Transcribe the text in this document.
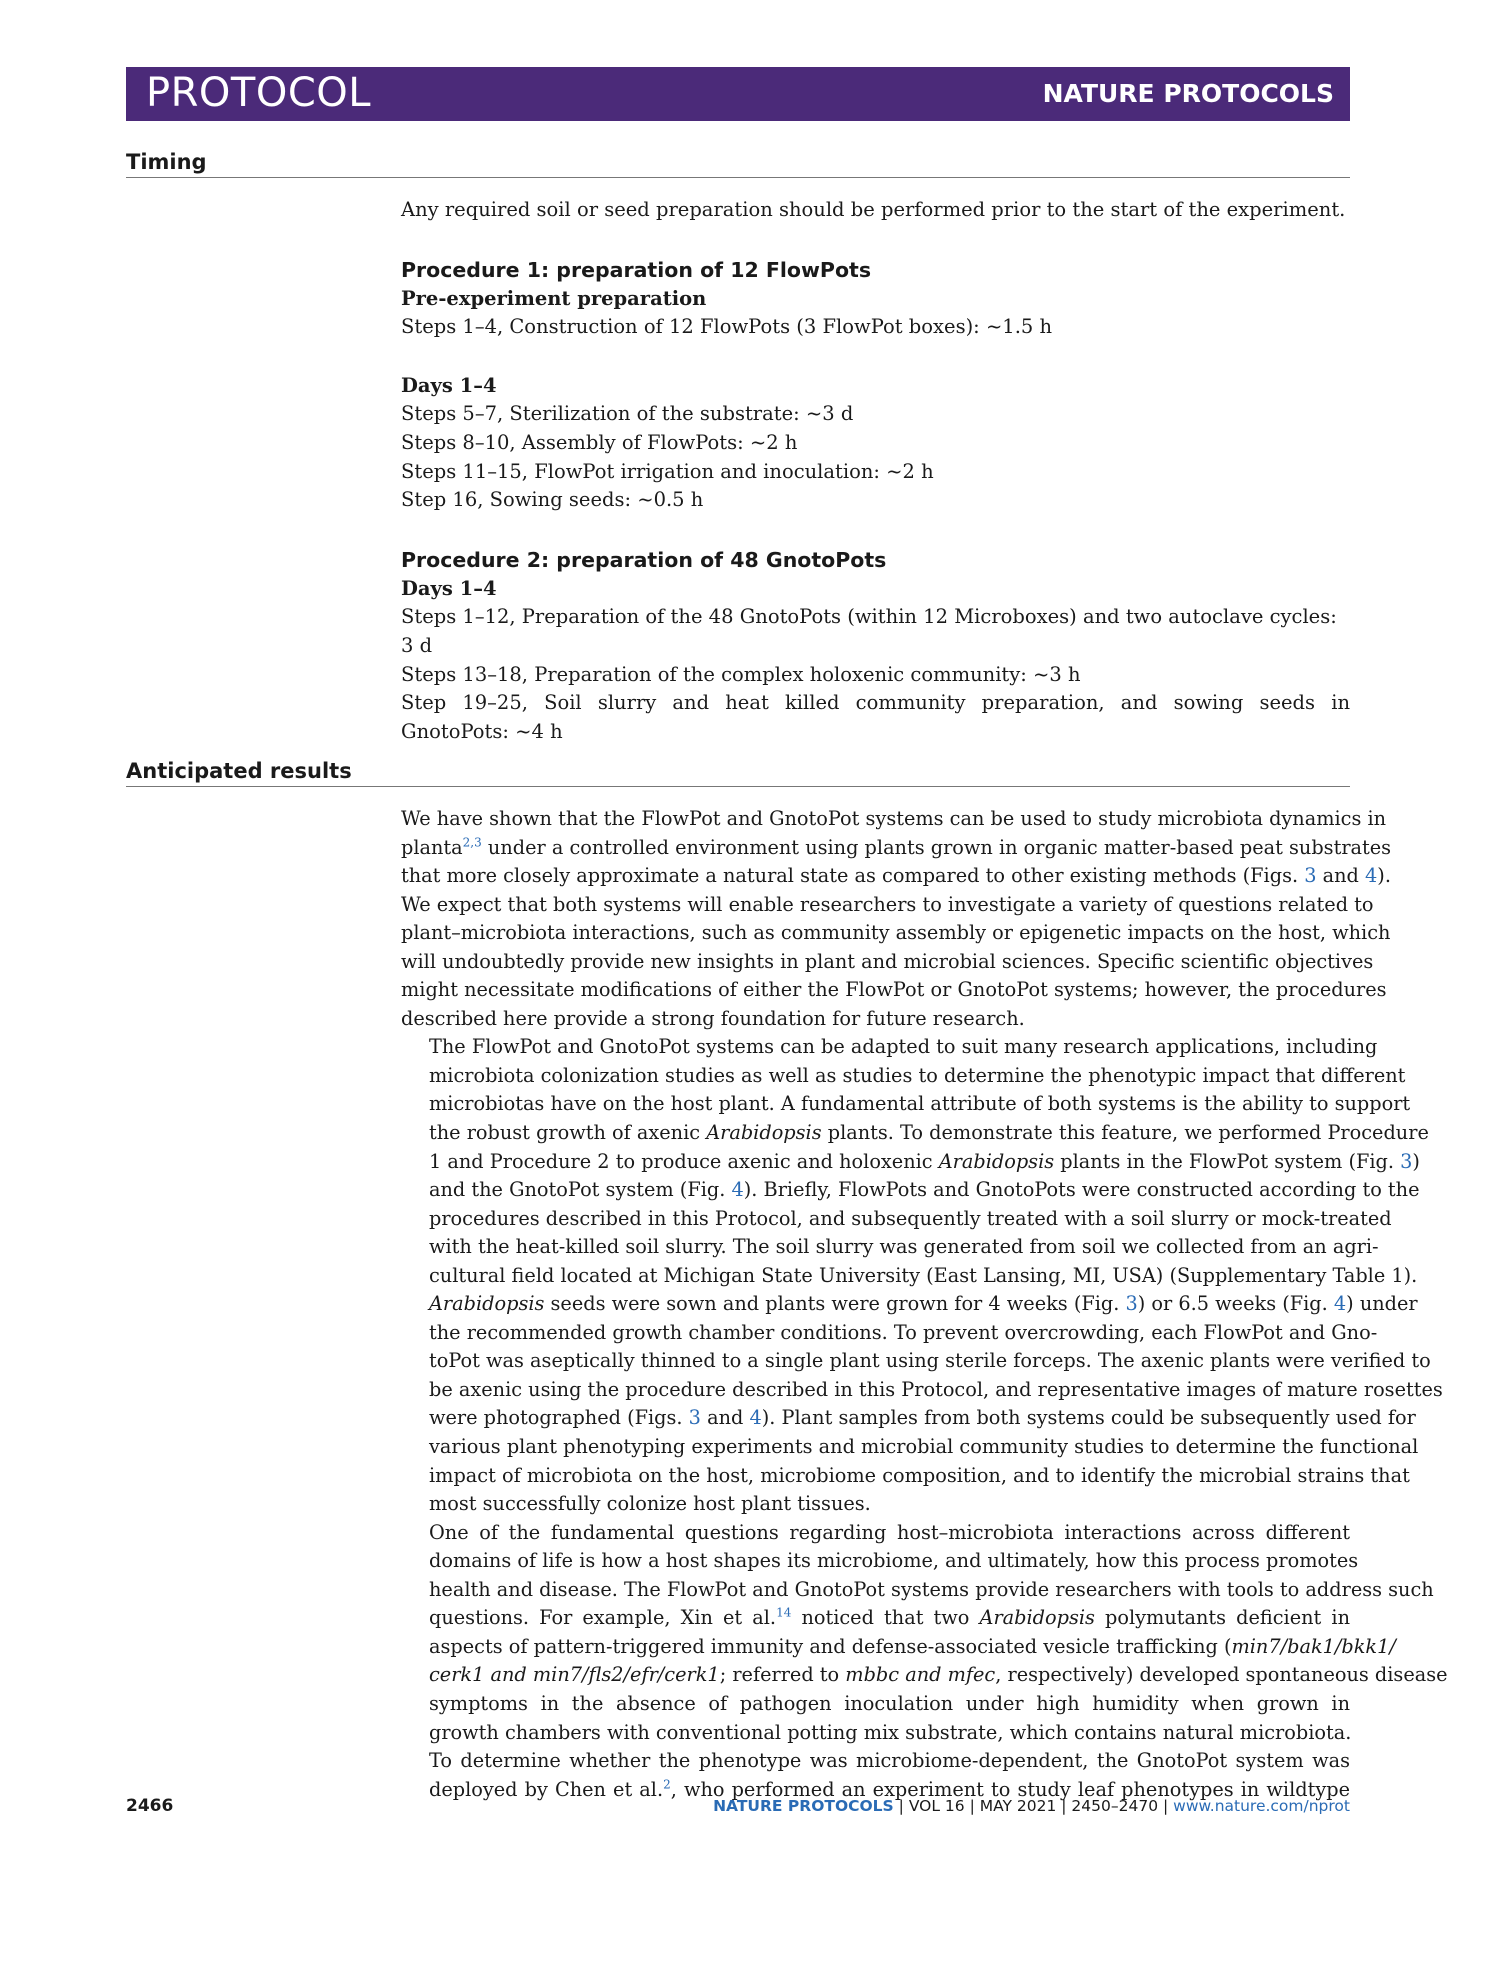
PROTOCOL	NATURE PROTOCOLS
Timing

Any required soil or seed preparation should be performed prior to the start of the experiment.

Procedure 1: preparation of 12 FlowPots

Pre-experiment preparation

Steps 1–4, Construction of 12 FlowPots (3 FlowPot boxes): ~1.5 h

Days 1–4

Steps 5–7, Sterilization of the substrate: ~3 d

Steps 8–10, Assembly of FlowPots: ~2 h

Steps 11–15, FlowPot irrigation and inoculation: ~2 h

Step 16, Sowing seeds: ~0.5 h

Procedure 2: preparation of 48 GnotoPots

Days 1–4

Steps 1–12, Preparation of the 48 GnotoPots (within 12 Microboxes) and two autoclave cycles: 3 d

Steps 13–18, Preparation of the complex holoxenic community: ~3 h

Step 19–25, Soil slurry and heat killed community preparation, and sowing seeds in

GnotoPots: ~4 h

Anticipated results

We have shown that the FlowPot and GnotoPot systems can be used to study microbiota dynamics in
planta$^{2,3}$ under a controlled environment using plants grown in organic matter-based peat substrates
that more closely approximate a natural state as compared to other existing methods (Figs. 3 and 4).
We expect that both systems will enable researchers to investigate a variety of questions related to
plant–microbiota interactions, such as community assembly or epigenetic impacts on the host, which
will undoubtedly provide new insights in plant and microbial sciences. Specific scientific objectives
might necessitate modifications of either the FlowPot or GnotoPot systems; however, the procedures
described here provide a strong foundation for future research.

The FlowPot and GnotoPot systems can be adapted to suit many research applications, including
microbiota colonization studies as well as studies to determine the phenotypic impact that different
microbiotas have on the host plant. A fundamental attribute of both systems is the ability to support
the robust growth of axenic Arabidopsis plants. To demonstrate this feature, we performed Procedure
1 and Procedure 2 to produce axenic and holoxenic Arabidopsis plants in the FlowPot system (Fig. 3)
and the GnotoPot system (Fig. 4). Briefly, FlowPots and GnotoPots were constructed according to the
procedures described in this Protocol, and subsequently treated with a soil slurry or mock-treated
with the heat-killed soil slurry. The soil slurry was generated from soil we collected from an agri-
cultural field located at Michigan State University (East Lansing, MI, USA) (Supplementary Table 1).
Arabidopsis seeds were sown and plants were grown for 4 weeks (Fig. 3) or 6.5 weeks (Fig. 4) under
the recommended growth chamber conditions. To prevent overcrowding, each FlowPot and Gno-
toPot was aseptically thinned to a single plant using sterile forceps. The axenic plants were verified to
be axenic using the procedure described in this Protocol, and representative images of mature rosettes
were photographed (Figs. 3 and 4). Plant samples from both systems could be subsequently used for
various plant phenotyping experiments and microbial community studies to determine the functional
impact of microbiota on the host, microbiome composition, and to identify the microbial strains that
most successfully colonize host plant tissues.

One of the fundamental questions regarding host–microbiota interactions across different
domains of life is how a host shapes its microbiome, and ultimately, how this process promotes
health and disease. The FlowPot and GnotoPot systems provide researchers with tools to address such
questions. For example, Xin et al.$^{14}$ noticed that two Arabidopsis polymutants deficient in
aspects of pattern-triggered immunity and defense-associated vesicle trafficking (min7/bak1/bkk1/
cerk1 and min7/fls2/efr/cerk1; referred to mbbc and mfec, respectively) developed spontaneous disease
symptoms in the absence of pathogen inoculation under high humidity when grown in
growth chambers with conventional potting mix substrate, which contains natural microbiota.
To determine whether the phenotype was microbiome-dependent, the GnotoPot system was
deployed by Chen et al.$^2$, who performed an experiment to study leaf phenotypes in wildtype

2466	NATURE PROTOCOLS | VOL 16 | MAY 2021 | 2450–2470 | www.nature.com/nprot
